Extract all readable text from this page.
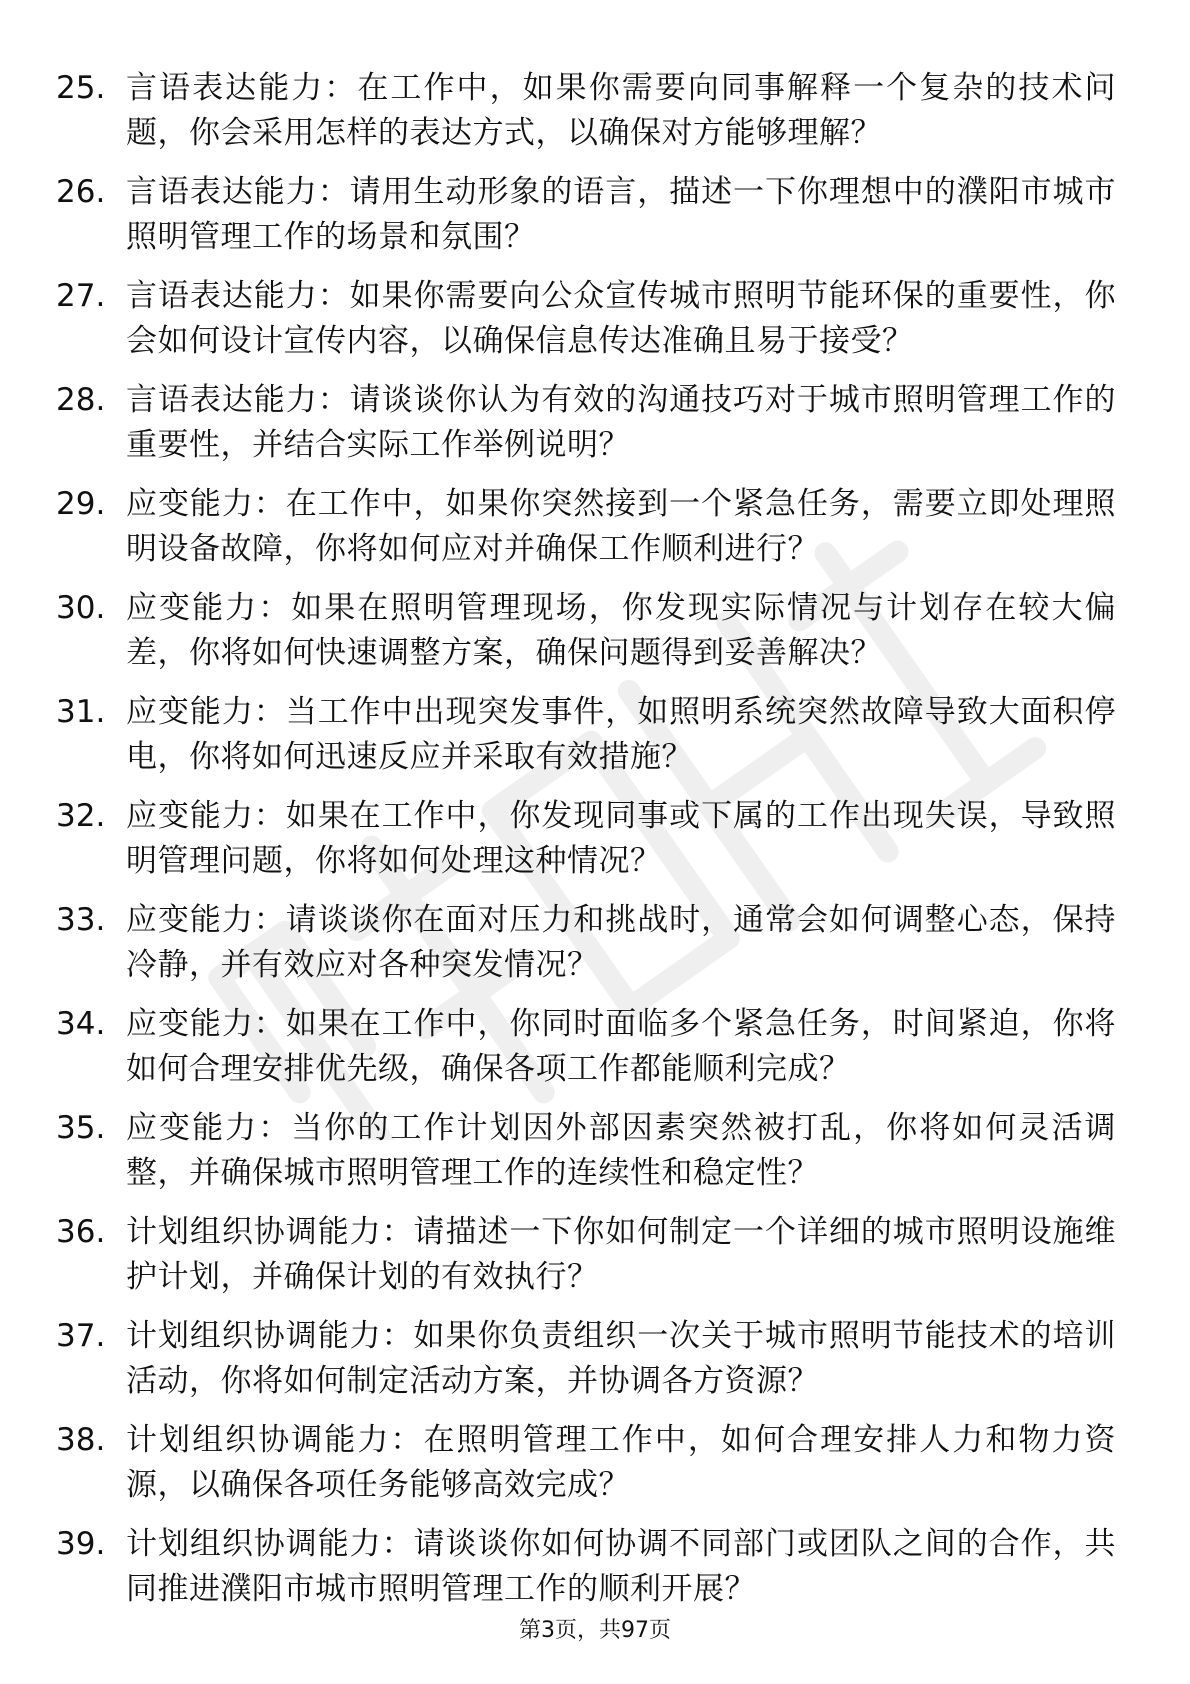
25. 言语表达能力：在工作中，如果你需要向同事解释一个复杂的技术问题，你会采用怎样的表达方式，以确保对方能够理解？
26. 言语表达能力：请用生动形象的语言，描述一下你理想中的濮阳市城市照明管理工作的场景和氛围？
27. 言语表达能力：如果你需要向公众宣传城市照明节能环保的重要性，你会如何设计宣传内容，以确保信息传达准确且易于接受？
28. 言语表达能力：请谈谈你认为有效的沟通技巧对于城市照明管理工作的重要性，并结合实际工作举例说明？
29. 应变能力：在工作中，如果你突然接到一个紧急任务，需要立即处理照明设备故障，你将如何应对并确保工作顺利进行？
30. 应变能力：如果在照明管理现场，你发现实际情况与计划存在较大偏差，你将如何快速调整方案，确保问题得到妥善解决？
31. 应变能力：当工作中出现突发事件，如照明系统突然故障导致大面积停电，你将如何迅速反应并采取有效措施？
32. 应变能力：如果在工作中，你发现同事或下属的工作出现失误，导致照明管理问题，你将如何处理这种情况？
33. 应变能力：请谈谈你在面对压力和挑战时，通常会如何调整心态，保持冷静，并有效应对各种突发情况？
34. 应变能力：如果在工作中，你同时面临多个紧急任务，时间紧迫，你将如何合理安排优先级，确保各项工作都能顺利完成？
35. 应变能力：当你的工作计划因外部因素突然被打乱，你将如何灵活调整，并确保城市照明管理工作的连续性和稳定性？
36. 计划组织协调能力：请描述一下你如何制定一个详细的城市照明设施维护计划，并确保计划的有效执行？
37. 计划组织协调能力：如果你负责组织一次关于城市照明节能技术的培训活动，你将如何制定活动方案，并协调各方资源？
38. 计划组织协调能力：在照明管理工作中，如何合理安排人力和物力资源，以确保各项任务能够高效完成？
39. 计划组织协调能力：请谈谈你如何协调不同部门或团队之间的合作，共同推进濮阳市城市照明管理工作的顺利开展？
第3页，共97页
